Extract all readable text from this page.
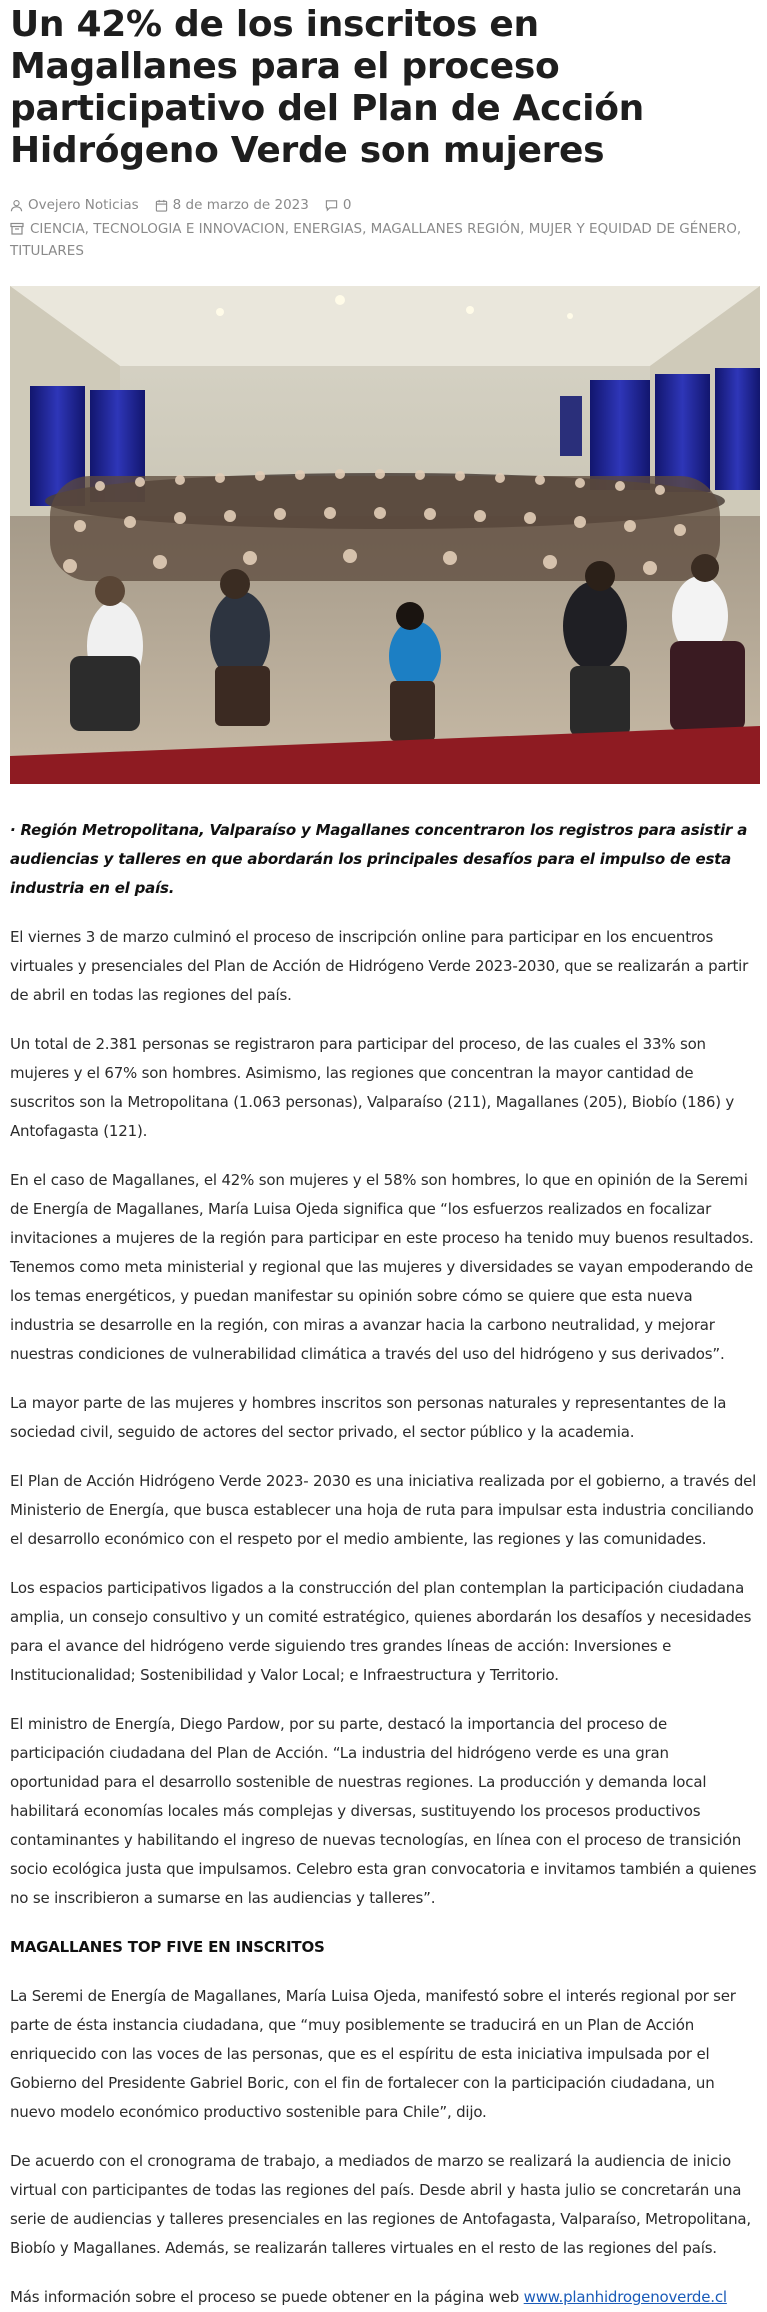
Un 42% de los inscritos en Magallanes para el proceso participativo del Plan de Acción Hidrógeno Verde son mujeres
Ovejero Noticias	8 de marzo de 2023	0
CIENCIA, TECNOLOGIA E INNOVACION, ENERGIAS, MAGALLANES REGIÓN, MUJER Y EQUIDAD DE GÉNERO, TITULARES

· Región Metropolitana, Valparaíso y Magallanes concentraron los registros para asistir a audiencias y talleres en que abordarán los principales desafíos para el impulso de esta industria en el país.

El viernes 3 de marzo culminó el proceso de inscripción online para participar en los encuentros virtuales y presenciales del Plan de Acción de Hidrógeno Verde 2023-2030, que se realizarán a partir de abril en todas las regiones del país.

Un total de 2.381 personas se registraron para participar del proceso, de las cuales el 33% son mujeres y el 67% son hombres. Asimismo, las regiones que concentran la mayor cantidad de suscritos son la Metropolitana (1.063 personas), Valparaíso (211), Magallanes (205), Biobío (186) y Antofagasta (121).

En el caso de Magallanes, el 42% son mujeres y el 58% son hombres, lo que en opinión de la Seremi de Energía de Magallanes, María Luisa Ojeda significa que “los esfuerzos realizados en focalizar invitaciones a mujeres de la región para participar en este proceso ha tenido muy buenos resultados. Tenemos como meta ministerial y regional que las mujeres y diversidades se vayan empoderando de los temas energéticos, y puedan manifestar su opinión sobre cómo se quiere que esta nueva industria se desarrolle en la región, con miras a avanzar hacia la carbono neutralidad, y mejorar nuestras condiciones de vulnerabilidad climática a través del uso del hidrógeno y sus derivados”.

La mayor parte de las mujeres y hombres inscritos son personas naturales y representantes de la sociedad civil, seguido de actores del sector privado, el sector público y la academia.

El Plan de Acción Hidrógeno Verde 2023- 2030 es una iniciativa realizada por el gobierno, a través del Ministerio de Energía, que busca establecer una hoja de ruta para impulsar esta industria conciliando el desarrollo económico con el respeto por el medio ambiente, las regiones y las comunidades.

Los espacios participativos ligados a la construcción del plan contemplan la participación ciudadana amplia, un consejo consultivo y un comité estratégico, quienes abordarán los desafíos y necesidades para el avance del hidrógeno verde siguiendo tres grandes líneas de acción: Inversiones e Institucionalidad; Sostenibilidad y Valor Local; e Infraestructura y Territorio.

El ministro de Energía, Diego Pardow, por su parte, destacó la importancia del proceso de participación ciudadana del Plan de Acción. “La industria del hidrógeno verde es una gran oportunidad para el desarrollo sostenible de nuestras regiones. La producción y demanda local habilitará economías locales más complejas y diversas, sustituyendo los procesos productivos contaminantes y habilitando el ingreso de nuevas tecnologías, en línea con el proceso de transición socio ecológica justa que impulsamos. Celebro esta gran convocatoria e invitamos también a quienes no se inscribieron a sumarse en las audiencias y talleres”.

MAGALLANES TOP FIVE EN INSCRITOS

La Seremi de Energía de Magallanes, María Luisa Ojeda, manifestó sobre el interés regional por ser parte de ésta instancia ciudadana, que “muy posiblemente se traducirá en un Plan de Acción enriquecido con las voces de las personas, que es el espíritu de esta iniciativa impulsada por el Gobierno del Presidente Gabriel Boric, con el fin de fortalecer con la participación ciudadana, un nuevo modelo económico productivo sostenible para Chile”, dijo.

De acuerdo con el cronograma de trabajo, a mediados de marzo se realizará la audiencia de inicio virtual con participantes de todas las regiones del país. Desde abril y hasta julio se concretarán una serie de audiencias y talleres presenciales en las regiones de Antofagasta, Valparaíso, Metropolitana, Biobío y Magallanes. Además, se realizarán talleres virtuales en el resto de las regiones del país.

Más información sobre el proceso se puede obtener en la página web www.planhidrogenoverde.cl
